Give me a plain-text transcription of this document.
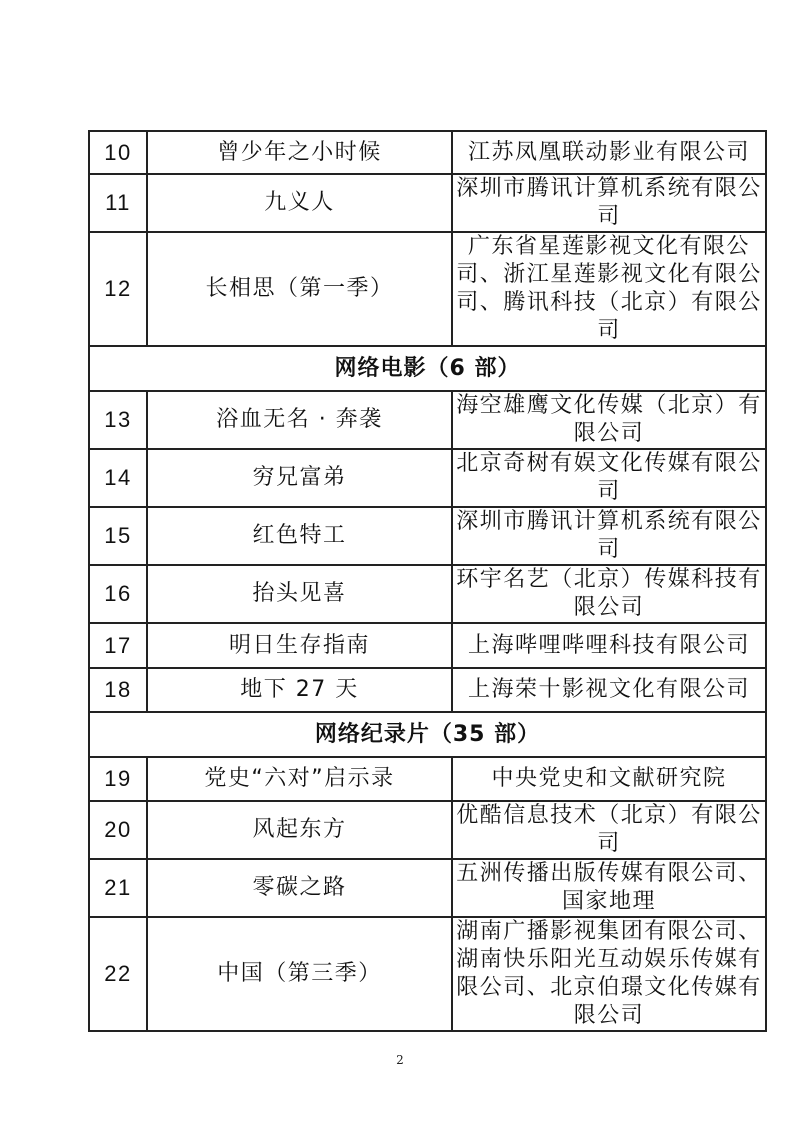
10	曾少年之小时候	江苏凤凰联动影业有限公司

11	九义人	深圳市腾讯计算机系统有限公司

12	长相思（第一季）	广东省星莲影视文化有限公司、浙江星莲影视文化有限公司、腾讯科技（北京）有限公司

网络电影（6 部）		
13	浴血无名 · 奔袭	海空雄鹰文化传媒（北京）有限公司

14	穷兄富弟	北京奇树有娱文化传媒有限公司

15	红色特工	深圳市腾讯计算机系统有限公司

16	抬头见喜	环宇名艺（北京）传媒科技有限公司

17	明日生存指南	上海哔哩哔哩科技有限公司

18	地下 27 天	上海荣十影视文化有限公司

网络纪录片（35 部）		
19	党史“六对”启示录	中央党史和文献研究院

20	风起东方	优酷信息技术（北京）有限公司

21	零碳之路	五洲传播出版传媒有限公司、国家地理

22	中国（第三季）	湖南广播影视集团有限公司、湖南快乐阳光互动娱乐传媒有限公司、北京伯璟文化传媒有限公司
2
